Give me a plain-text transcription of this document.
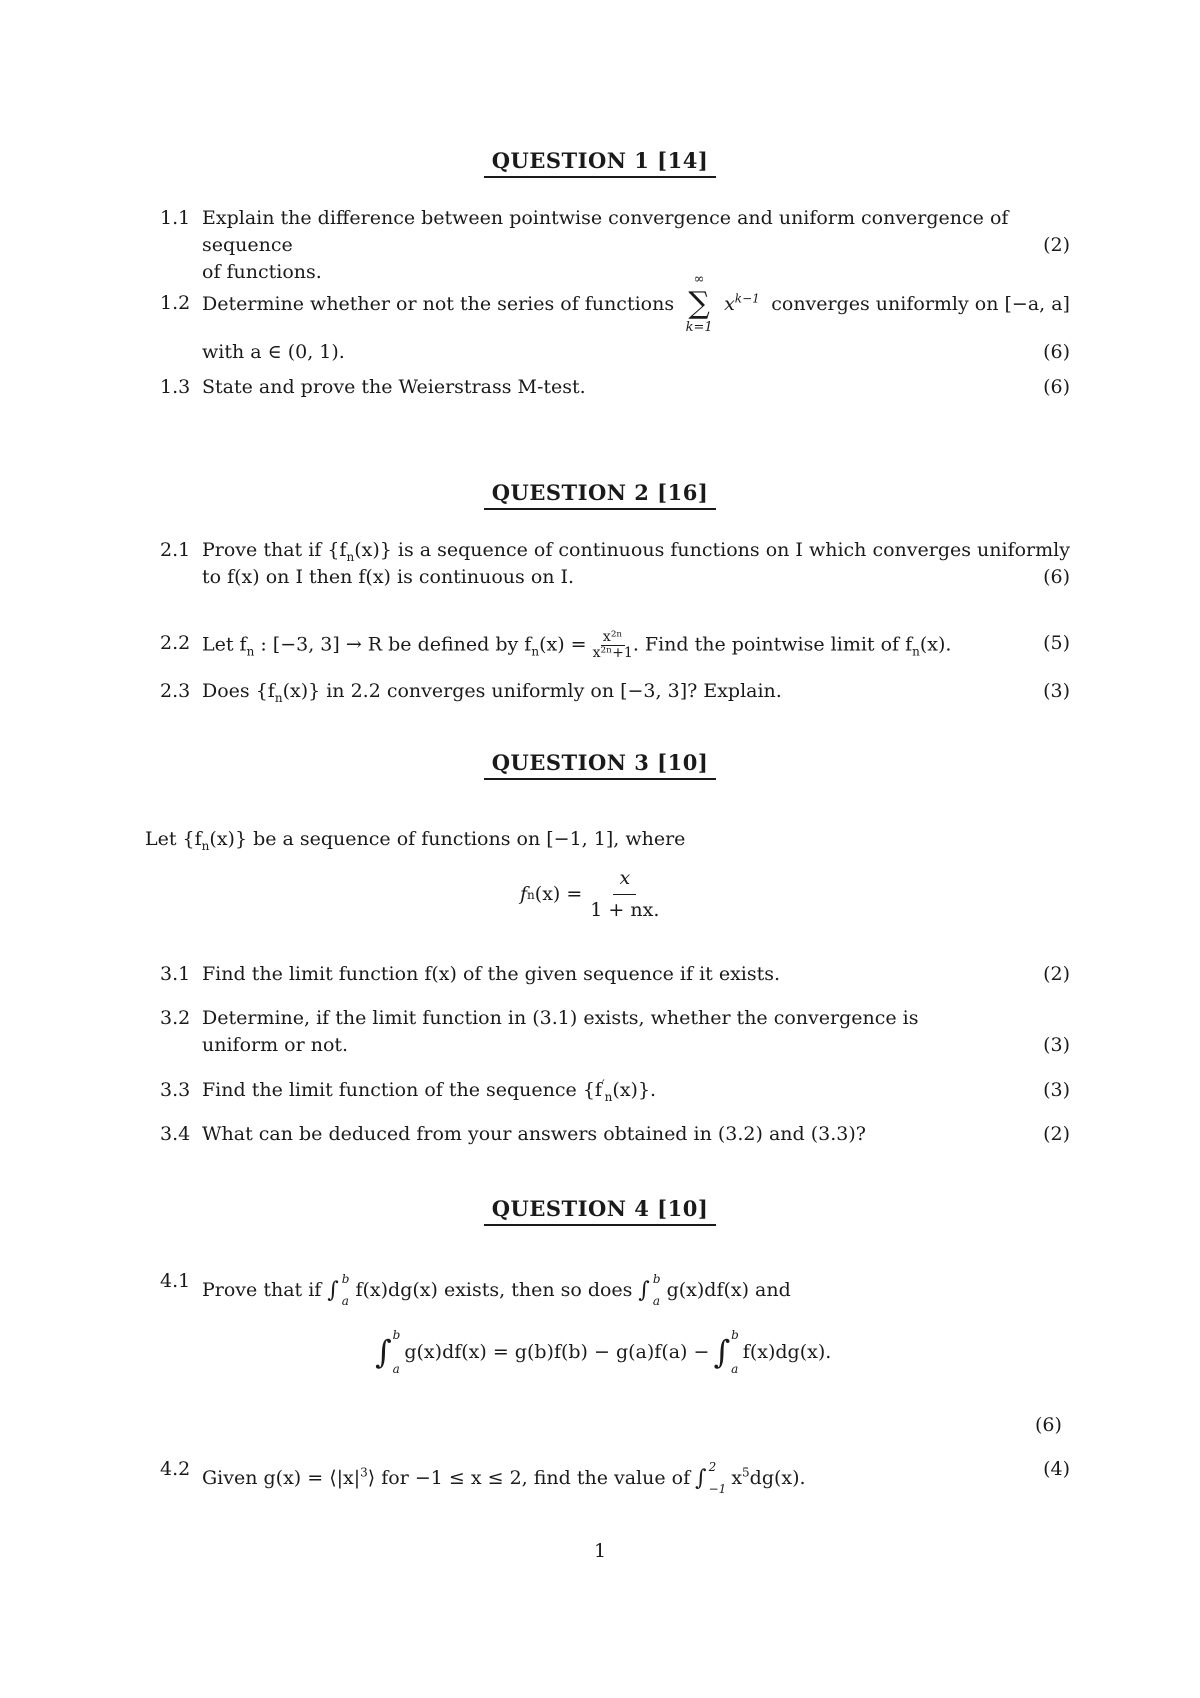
QUESTION 1 [14]
1.1 Explain the difference between pointwise convergence and uniform convergence of sequence
of functions.
(2)
1.2 Determine whether or not the series of functions
∞
∑
k=1
$x^{k-1}$ converges uniformly on [−a, a]
with a ∈ (0, 1).	(6)
1.3 State and prove the Weierstrass M-test.	(6)
QUESTION 2 [16]
2.1 Prove that if $\{f_n(x)\}$ is a sequence of continuous functions on I which converges uniformly
to f(x) on I then f(x) is continuous on I.	(6)
2.2 Let $f_n$ : [−3, 3] → R be defined by $f_n(x) = \frac{\text{x²ⁿ}}{\text{x²ⁿ+1}}$ . Find the pointwise limit of $f_n(x)$.	(5)
2.3 Does $\{f_n(x)\}$ in 2.2 converges uniformly on [−3, 3]? Explain.	(3)
QUESTION 3 [10]
Let $\{f_n(x)\}$ be a sequence of functions on [−1, 1], where
f n $(x) = \frac{x}{1 + nx.}$
3.1 Find the limit function f(x) of the given sequence if it exists.	(2)
3.2 Determine, if the limit function in (3.1) exists, whether the convergence is
uniform or not.	(3)
3.3 Find the limit function of the sequence $\{f'_n(x)\}$.	(3)
3.4 What can be deduced from your answers obtained in (3.2) and (3.3)?	(2)
QUESTION 4 [10]
4.1 Prove that if ∫ b
a
f(x)dg(x) exists, then so does ∫ b
a
g(x)df(x) and
∫ b
a
g(x)df(x) = g(b)f(b) − g(a)f(a) − ∫ b
a
f(x)dg(x).
(6)
4.2 Given $g(x) = ⟨|x|^3⟩$ for −1 ≤ x ≤ 2, find the value of ∫ 2
−1
$x^5dg(x)$.	(4)
1
